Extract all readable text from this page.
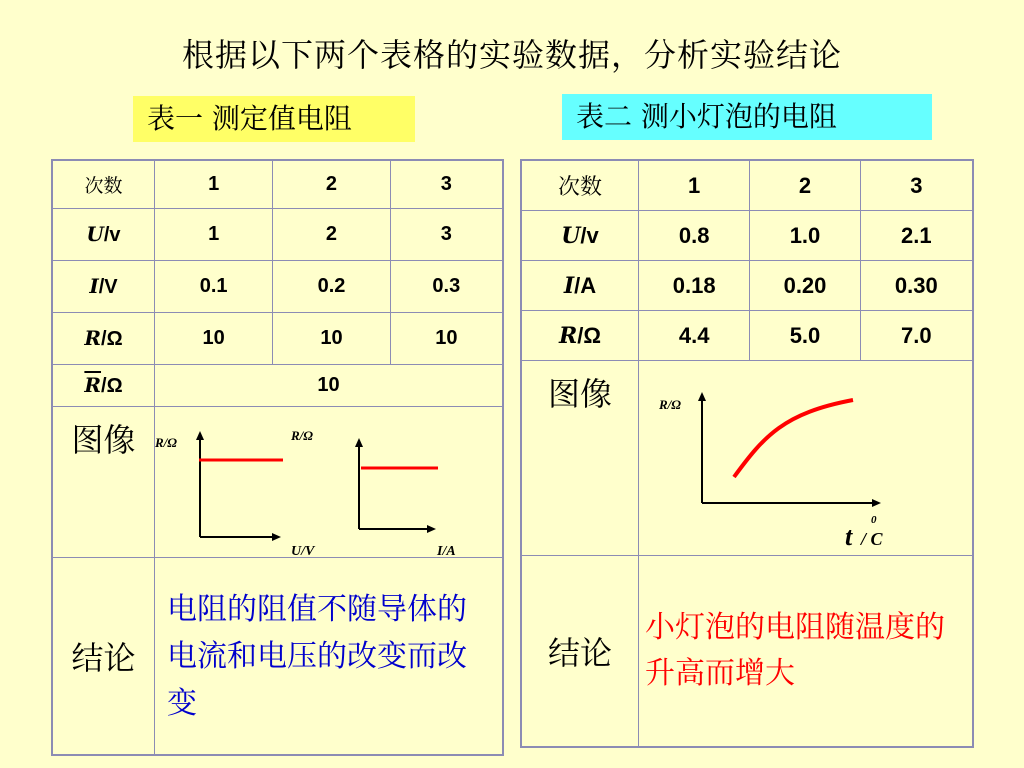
根据以下两个表格的实验数据，分析实验结论
表一 测定值电阻	表二 测小灯泡的电阻
次数	1	2	3
U/v	1	2	3
I/V	0.1	0.2	0.3
R/Ω	10	10	10
$\overline{R}/\Omega$	10		
图像	R/Ω
U/V
R/Ω
I/A		

结论	电阻的阻值不随导体的电流和电压的改变而改变		
次数	1	2	3
U/v	0.8	1.0	2.1
I/A	0.18	0.20	0.30
R/Ω	4.4	5.0	7.0
图像	R/Ω
t
0
/ C		

结论	小灯泡的电阻随温度的升高而增大		
